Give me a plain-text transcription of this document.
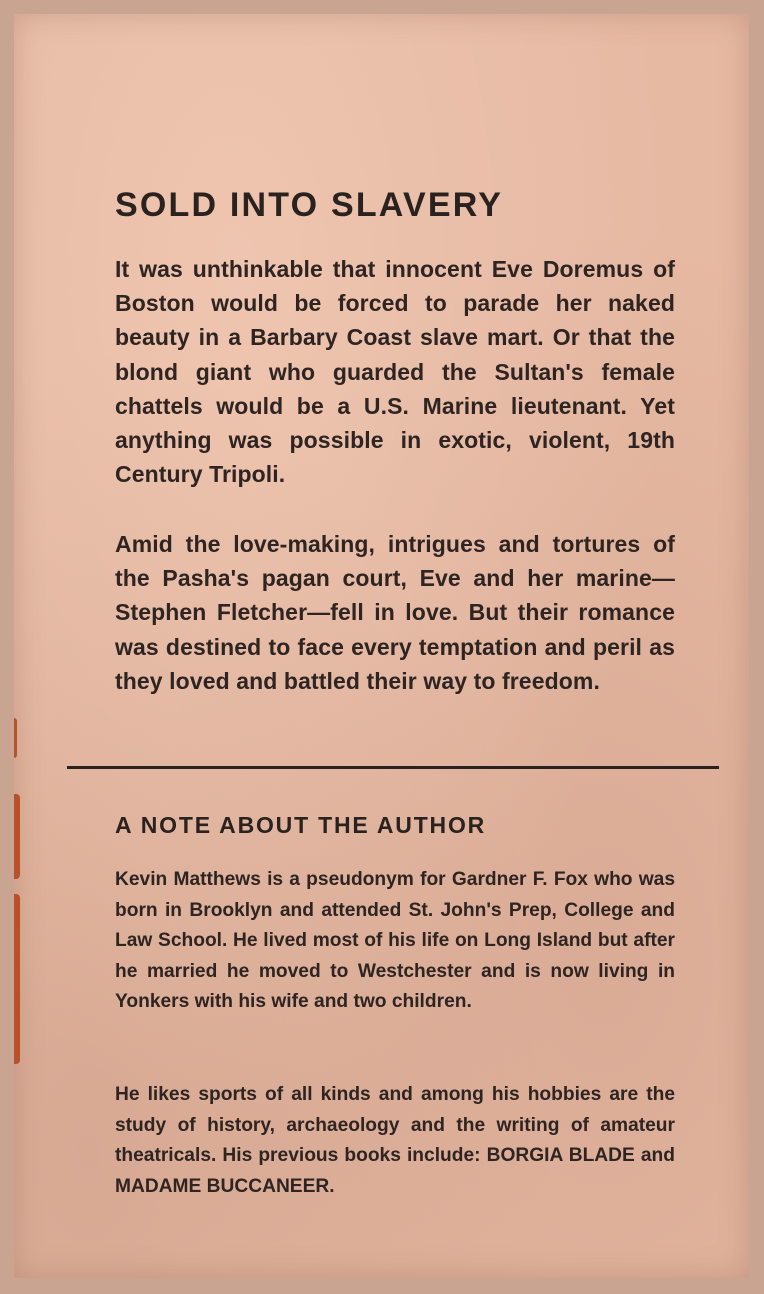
SOLD INTO SLAVERY

It was unthinkable that innocent Eve Doremus of Boston would be forced to parade her naked beauty in a Barbary Coast slave mart. Or that the blond giant who guarded the Sultan's female chattels would be a U.S. Marine lieutenant. Yet anything was possible in exotic, violent, 19th Century Tripoli.

Amid the love-making, intrigues and tortures of the Pasha's pagan court, Eve and her marine—Stephen Fletcher—fell in love. But their romance was destined to face every temptation and peril as they loved and battled their way to freedom.

A NOTE ABOUT THE AUTHOR

Kevin Matthews is a pseudonym for Gardner F. Fox who was born in Brooklyn and attended St. John's Prep, College and Law School. He lived most of his life on Long Island but after he married he moved to Westchester and is now living in Yonkers with his wife and two children.

He likes sports of all kinds and among his hobbies are the study of history, archaeology and the writing of amateur theatricals. His previous books include: BORGIA BLADE and MADAME BUCCANEER.
